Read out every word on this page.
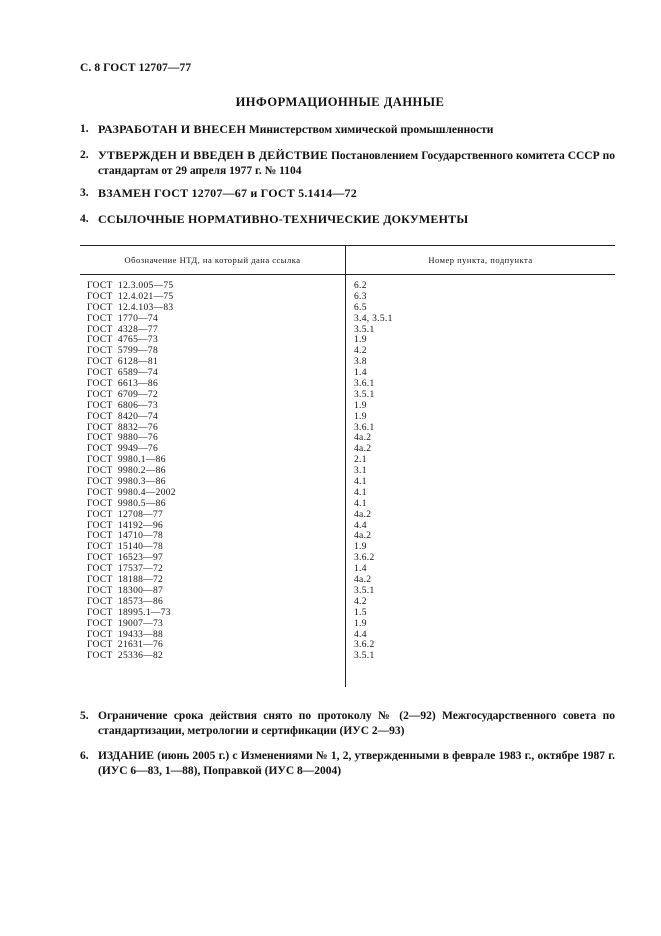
С. 8 ГОСТ 12707—77
ИНФОРМАЦИОННЫЕ ДАННЫЕ
1. РАЗРАБОТАН И ВНЕСЕН Министерством химической промышленности
2. УТВЕРЖДЕН И ВВЕДЕН В ДЕЙСТВИЕ Постановлением Государственного комитета СССР по стандартам от 29 апреля 1977 г. № 1104
3. ВЗАМЕН ГОСТ 12707—67 и ГОСТ 5.1414—72
4. ССЫЛОЧНЫЕ НОРМАТИВНО-ТЕХНИЧЕСКИЕ ДОКУМЕНТЫ
Обозначение НТД, на который дана ссылка	Номер пункта, подпункта
ГОСТ  12.3.005—75	6.2
ГОСТ  12.4.021—75	6.3
ГОСТ  12.4.103—83	6.5
ГОСТ  1770—74	3.4, 3.5.1
ГОСТ  4328—77	3.5.1
ГОСТ  4765—73	1.9
ГОСТ  5799—78	4.2
ГОСТ  6128—81	3.8
ГОСТ  6589—74	1.4
ГОСТ  6613—86	3.6.1
ГОСТ  6709—72	3.5.1
ГОСТ  6806—73	1.9
ГОСТ  8420—74	1.9
ГОСТ  8832—76	3.6.1
ГОСТ  9880—76	4а.2
ГОСТ  9949—76	4а.2
ГОСТ  9980.1—86	2.1
ГОСТ  9980.2—86	3.1
ГОСТ  9980.3—86	4.1
ГОСТ  9980.4—2002	4.1
ГОСТ  9980.5—86	4.1
ГОСТ  12708—77	4а.2
ГОСТ  14192—96	4.4
ГОСТ  14710—78	4а.2
ГОСТ  15140—78	1.9
ГОСТ  16523—97	3.6.2
ГОСТ  17537—72	1.4
ГОСТ  18188—72	4а.2
ГОСТ  18300—87	3.5.1
ГОСТ  18573—86	4.2
ГОСТ  18995.1—73	1.5
ГОСТ  19007—73	1.9
ГОСТ  19433—88	4.4
ГОСТ  21631—76	3.6.2
ГОСТ  25336—82	3.5.1
5. Ограничение срока действия снято по протоколу № (2—92) Межгосударственного совета по стандартизации, метрологии и сертификации (ИУС 2—93)
6. ИЗДАНИЕ (июнь 2005 г.) с Изменениями № 1, 2, утвержденными в феврале 1983 г., октябре 1987 г. (ИУС 6—83, 1—88), Поправкой (ИУС 8—2004)
